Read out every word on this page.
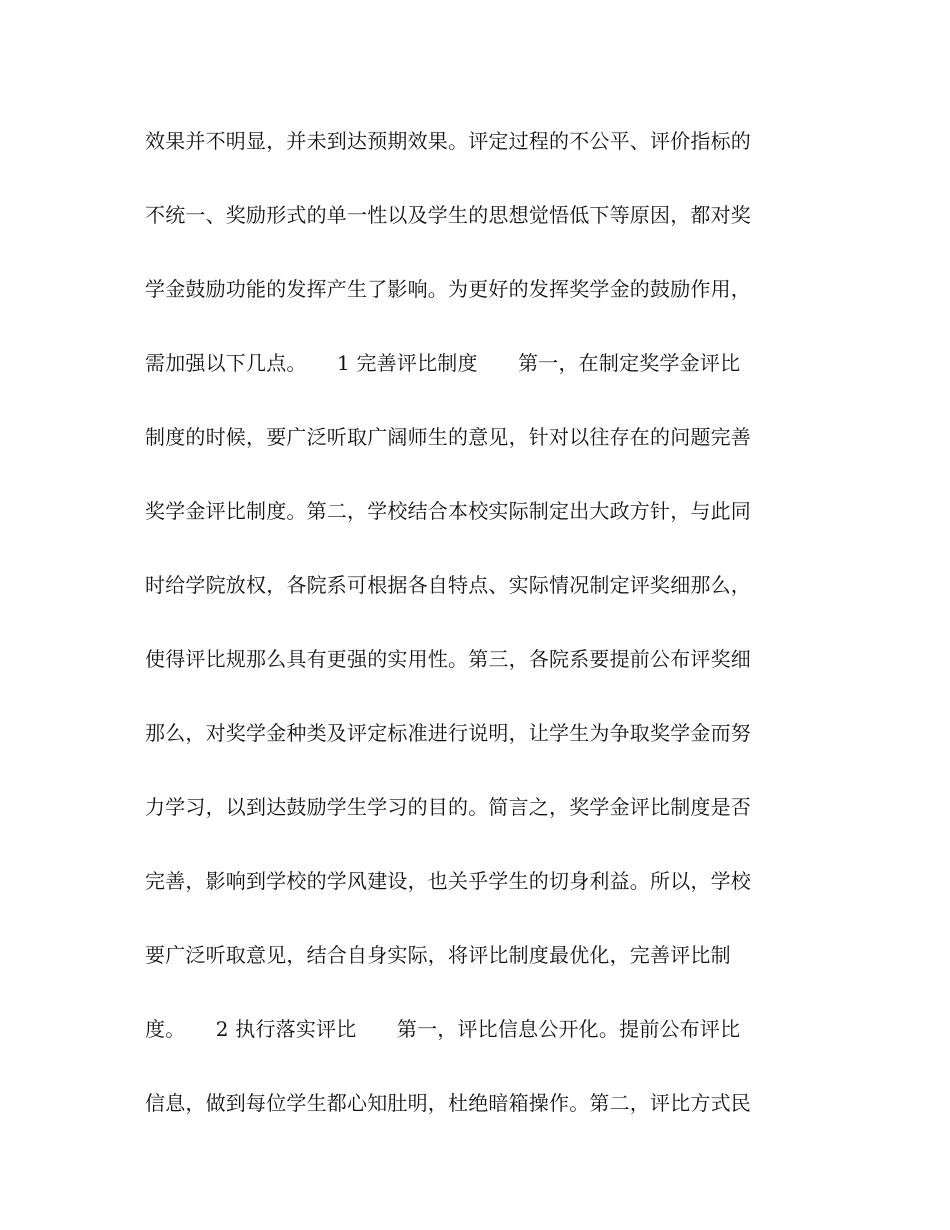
效果并不明显，并未到达预期效果。评定过程的不公平、评价指标的
不统一、奖励形式的单一性以及学生的思想觉悟低下等原因，都对奖
学金鼓励功能的发挥产生了影响。为更好的发挥奖学金的鼓励作用，
需加强以下几点。　　1 完善评比制度　　第一，在制定奖学金评比
制度的时候，要广泛听取广阔师生的意见，针对以往存在的问题完善
奖学金评比制度。第二，学校结合本校实际制定出大政方针，与此同
时给学院放权，各院系可根据各自特点、实际情况制定评奖细那么，
使得评比规那么具有更强的实用性。第三，各院系要提前公布评奖细
那么，对奖学金种类及评定标准进行说明，让学生为争取奖学金而努
力学习，以到达鼓励学生学习的目的。简言之，奖学金评比制度是否
完善，影响到学校的学风建设，也关乎学生的切身利益。所以，学校
要广泛听取意见，结合自身实际，将评比制度最优化，完善评比制
度。　　2 执行落实评比　　第一，评比信息公开化。提前公布评比
信息，做到每位学生都心知肚明，杜绝暗箱操作。第二，评比方式民
